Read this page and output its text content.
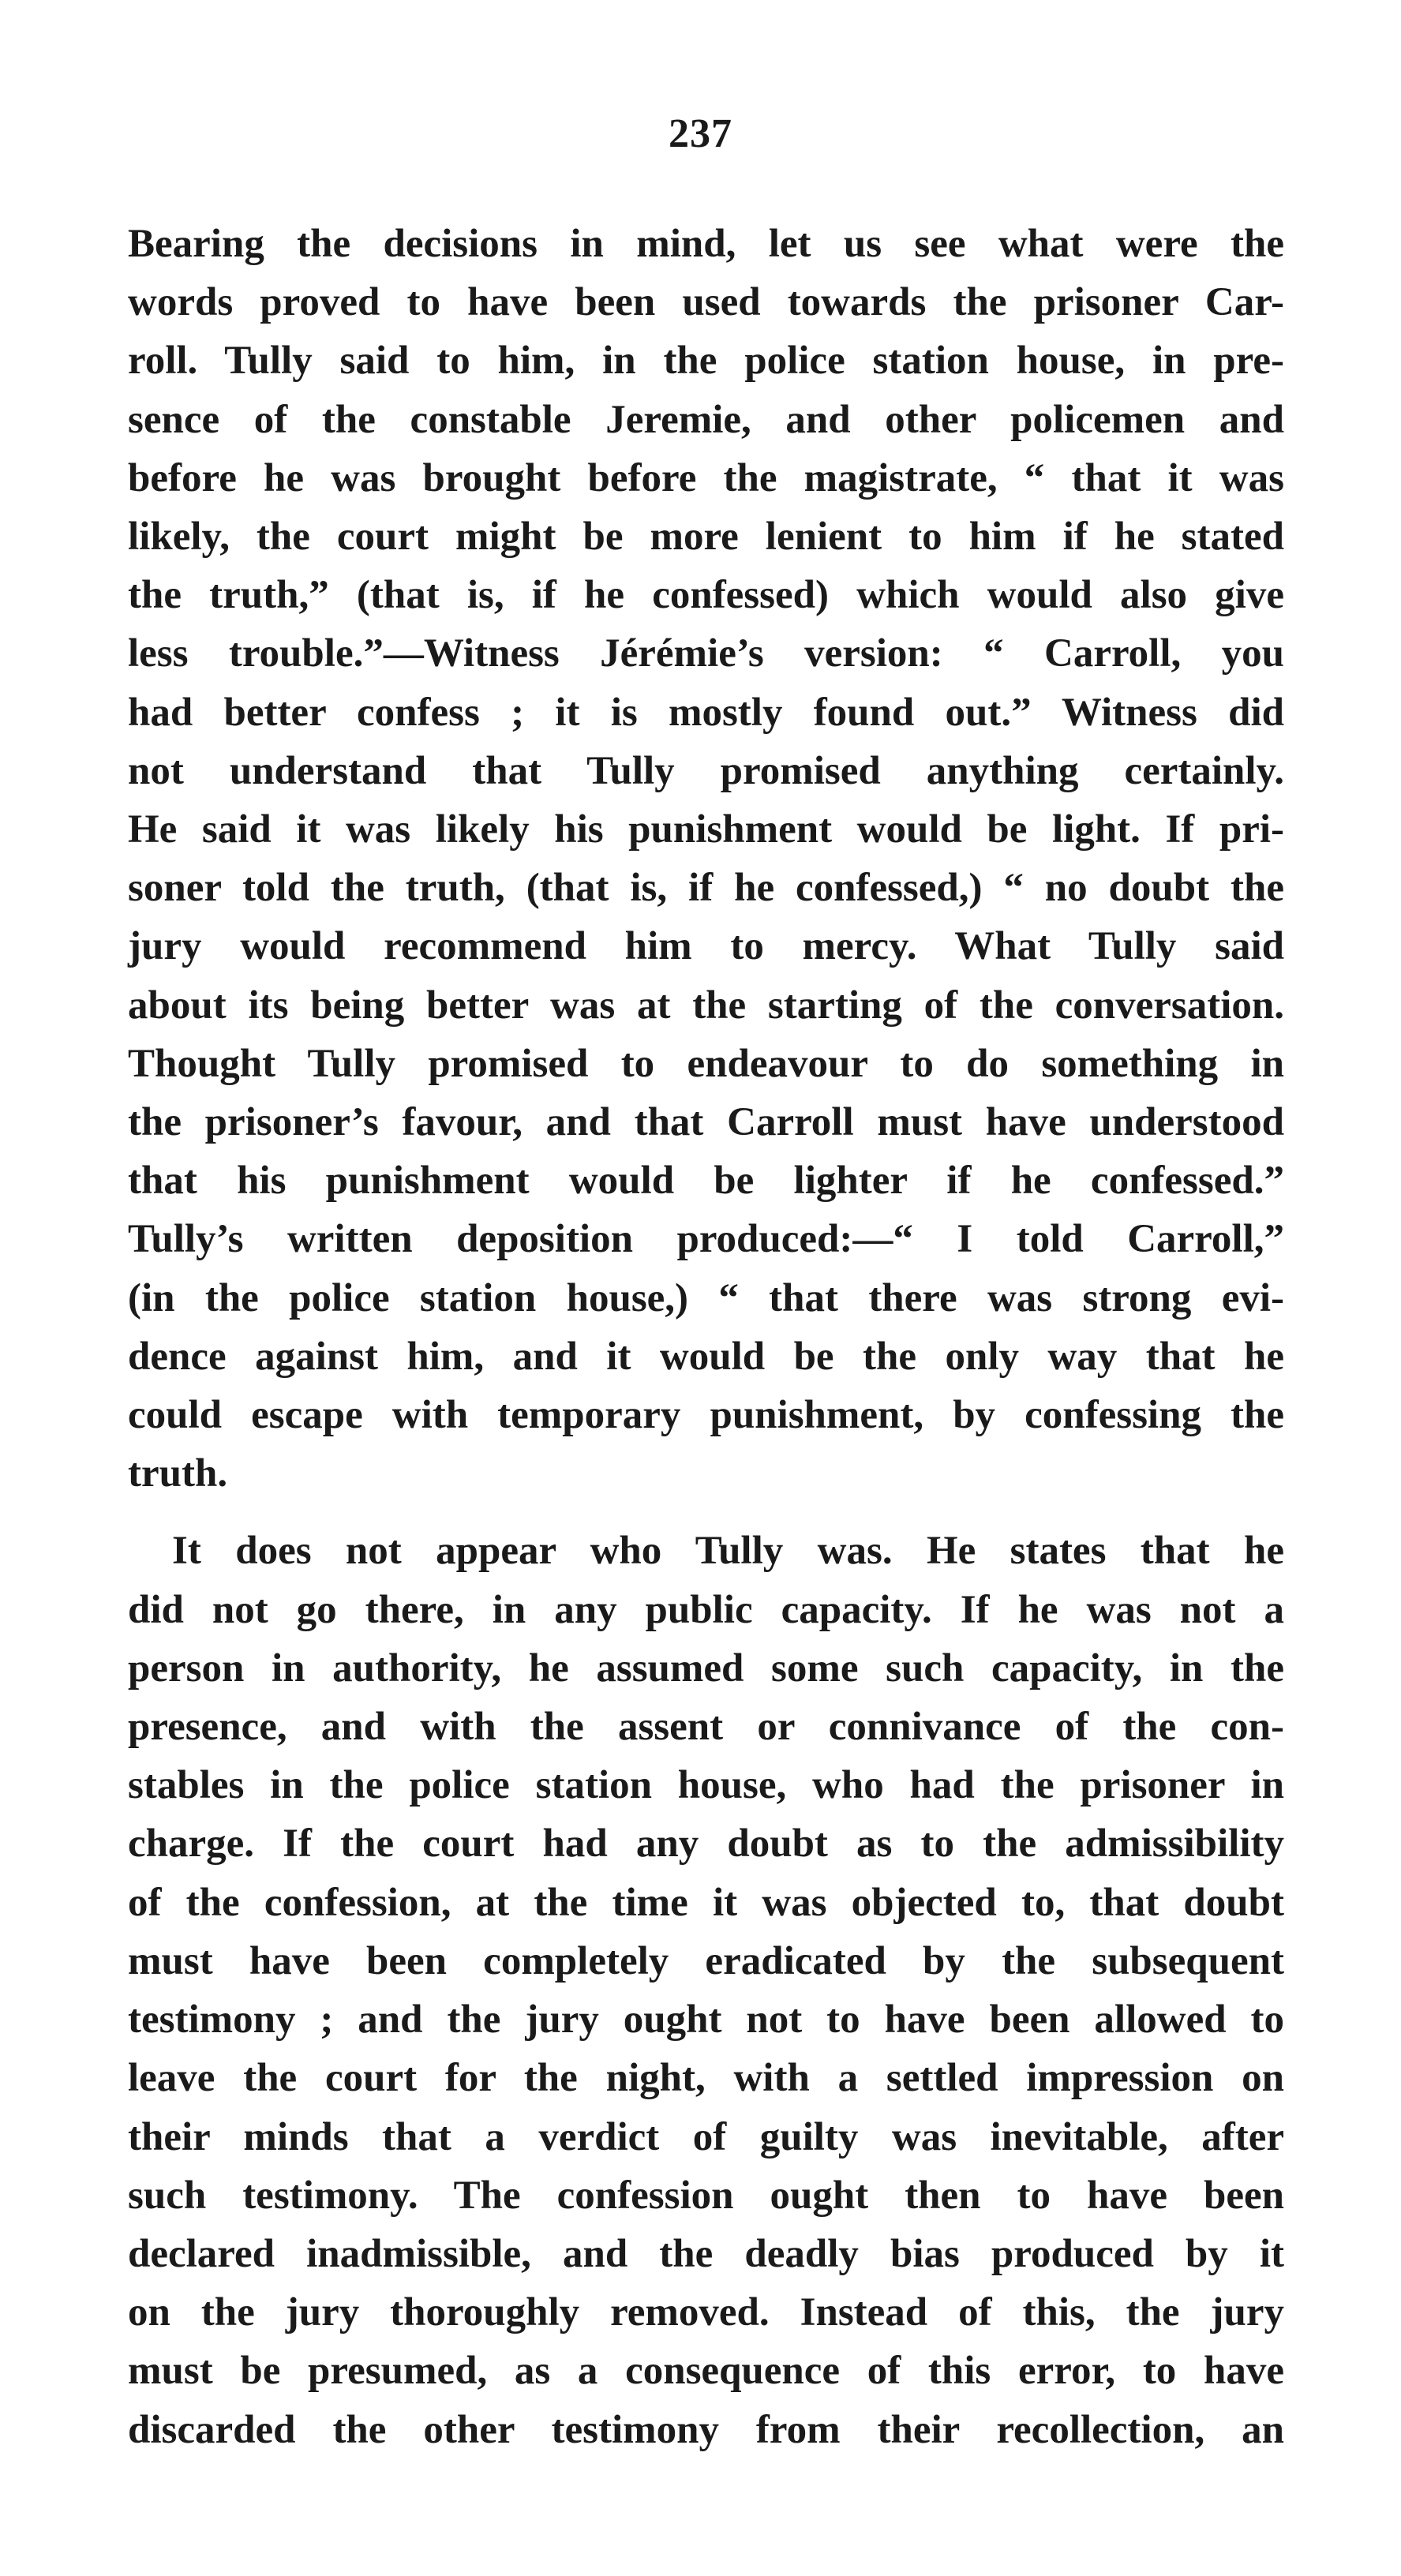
237
Bearing the decisions in mind, let us see what were the
words proved to have been used towards the prisoner Car-
roll. Tully said to him, in the police station house, in pre-
sence of the constable Jeremie, and other policemen and
before he was brought before the magistrate, “ that it was
likely, the court might be more lenient to him if he stated
the truth,” (that is, if he confessed) which would also give
less trouble.”—Witness Jérémie’s version: “ Carroll, you
had better confess ; it is mostly found out.” Witness did
not understand that Tully promised anything certainly.
He said it was likely his punishment would be light. If pri-
soner told the truth, (that is, if he confessed,) “ no doubt the
jury would recommend him to mercy. What Tully said
about its being better was at the starting of the conversation.
Thought Tully promised to endeavour to do something in
the prisoner’s favour, and that Carroll must have understood
that his punishment would be lighter if he confessed.”
Tully’s written deposition produced:—“ I told Carroll,”
(in the police station house,) “ that there was strong evi-
dence against him, and it would be the only way that he
could escape with temporary punishment, by confessing the
truth.
It does not appear who Tully was. He states that he
did not go there, in any public capacity. If he was not a
person in authority, he assumed some such capacity, in the
presence, and with the assent or connivance of the con-
stables in the police station house, who had the prisoner in
charge. If the court had any doubt as to the admissibility
of the confession, at the time it was objected to, that doubt
must have been completely eradicated by the subsequent
testimony ; and the jury ought not to have been allowed to
leave the court for the night, with a settled impression on
their minds that a verdict of guilty was inevitable, after
such testimony. The confession ought then to have been
declared inadmissible, and the deadly bias produced by it
on the jury thoroughly removed. Instead of this, the jury
must be presumed, as a consequence of this error, to have
discarded the other testimony from their recollection, an
